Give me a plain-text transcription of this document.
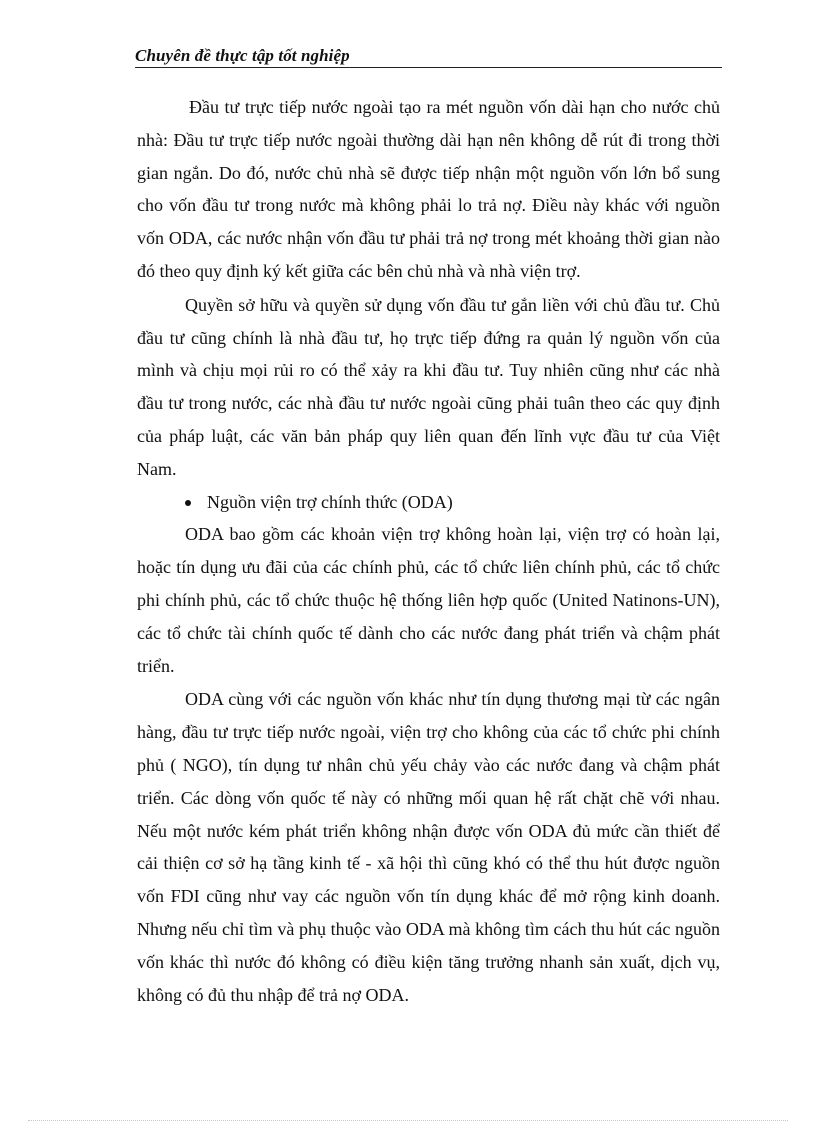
Chuyên đề thực tập tốt nghiệp

Đầu tư trực tiếp nước ngoài tạo ra mét nguồn vốn dài hạn cho nước chủ nhà: Đầu tư trực tiếp nước ngoài thường dài hạn nên không dễ rút đi trong thời gian ngắn. Do đó, nước chủ nhà sẽ được tiếp nhận một nguồn vốn lớn bổ sung cho vốn đầu tư trong nước mà không phải lo trả nợ. Điều này khác với nguồn vốn ODA, các nước nhận vốn đầu tư phải trả nợ trong mét khoảng thời gian nào đó theo quy định ký kết giữa các bên chủ nhà và nhà viện trợ.

Quyền sở hữu và quyền sử dụng vốn đầu tư gắn liền với chủ đầu tư. Chủ đầu tư cũng chính là nhà đầu tư, họ trực tiếp đứng ra quản lý nguồn vốn của mình và chịu mọi rủi ro có thể xảy ra khi đầu tư. Tuy nhiên cũng như các nhà đầu tư trong nước, các nhà đầu tư nước ngoài cũng phải tuân theo các quy định của pháp luật, các văn bản pháp quy liên quan đến lĩnh vực đầu tư của Việt Nam.

Nguồn viện trợ chính thức (ODA)

ODA bao gồm các khoản viện trợ không hoàn lại, viện trợ có hoàn lại, hoặc tín dụng ưu đãi của các chính phủ, các tổ chức liên chính phủ, các tổ chức phi chính phủ, các tổ chức thuộc hệ thống liên hợp quốc (United Natinons-UN), các tổ chức tài chính quốc tế dành cho các nước đang phát triển và chậm phát triển.

ODA cùng với các nguồn vốn khác như tín dụng thương mại từ các ngân hàng, đầu tư trực tiếp nước ngoài, viện trợ cho không của các tổ chức phi chính phủ ( NGO), tín dụng tư nhân chủ yếu chảy vào các nước đang và chậm phát triển. Các dòng vốn quốc tế này có những mối quan hệ rất chặt chẽ với nhau. Nếu một nước kém phát triển không nhận được vốn ODA đủ mức cần thiết để cải thiện cơ sở hạ tầng kinh tế - xã hội thì cũng khó có thể thu hút được nguồn vốn FDI cũng như vay các nguồn vốn tín dụng khác để mở rộng kinh doanh. Nhưng nếu chỉ tìm và phụ thuộc vào ODA mà không tìm cách thu hút các nguồn vốn khác thì nước đó không có điều kiện tăng trưởng nhanh sản xuất, dịch vụ, không có đủ thu nhập để trả nợ ODA.
